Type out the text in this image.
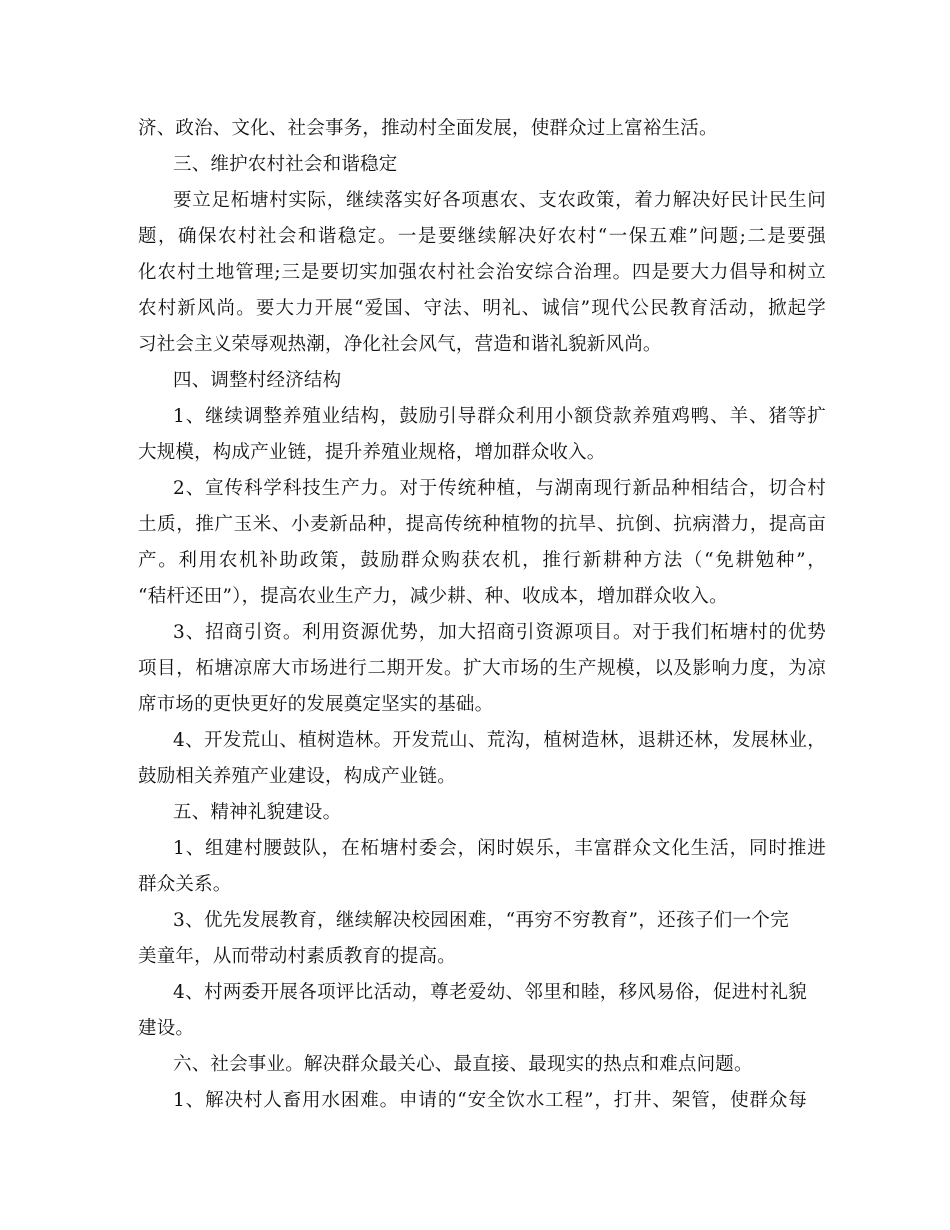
济、政治、文化、社会事务，推动村全面发展，使群众过上富裕生活。
三、维护农村社会和谐稳定
要立足柘塘村实际，继续落实好各项惠农、支农政策，着力解决好民计民生问
题，确保农村社会和谐稳定。一是要继续解决好农村“一保五难”问题;二是要强
化农村土地管理;三是要切实加强农村社会治安综合治理。四是要大力倡导和树立
农村新风尚。要大力开展“爱国、守法、明礼、诚信”现代公民教育活动，掀起学
习社会主义荣辱观热潮，净化社会风气，营造和谐礼貌新风尚。
四、调整村经济结构
1、继续调整养殖业结构，鼓励引导群众利用小额贷款养殖鸡鸭、羊、猪等扩
大规模，构成产业链，提升养殖业规格，增加群众收入。
2、宣传科学科技生产力。对于传统种植，与湖南现行新品种相结合，切合村
土质，推广玉米、小麦新品种，提高传统种植物的抗旱、抗倒、抗病潜力，提高亩
产。利用农机补助政策，鼓励群众购获农机，推行新耕种方法（“免耕勉种”，
“秸杆还田”），提高农业生产力，减少耕、种、收成本，增加群众收入。
3、招商引资。利用资源优势，加大招商引资源项目。对于我们柘塘村的优势
项目，柘塘凉席大市场进行二期开发。扩大市场的生产规模，以及影响力度，为凉
席市场的更快更好的发展奠定坚实的基础。
4、开发荒山、植树造林。开发荒山、荒沟，植树造林，退耕还林，发展林业，
鼓励相关养殖产业建设，构成产业链。
五、精神礼貌建设。
1、组建村腰鼓队，在柘塘村委会，闲时娱乐，丰富群众文化生活，同时推进
群众关系。
3、优先发展教育，继续解决校园困难，“再穷不穷教育”，还孩子们一个完
美童年，从而带动村素质教育的提高。
4、村两委开展各项评比活动，尊老爱幼、邻里和睦，移风易俗，促进村礼貌
建设。
六、社会事业。解决群众最关心、最直接、最现实的热点和难点问题。
1、解决村人畜用水困难。申请的“安全饮水工程”，打井、架管，使群众每
